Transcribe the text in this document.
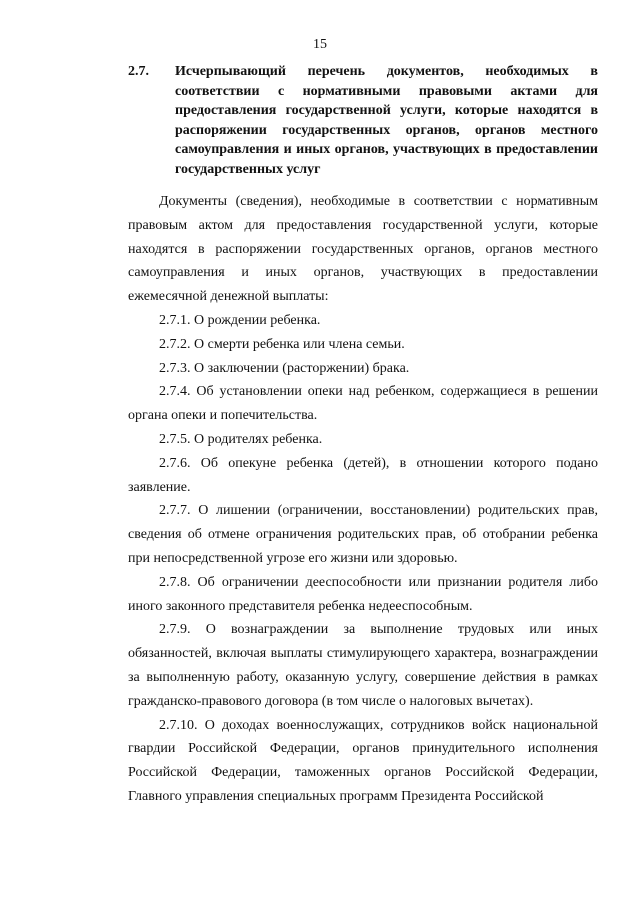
15
2.7. Исчерпывающий перечень документов, необходимых в соответствии с нормативными правовыми актами для предоставления государственной услуги, которые находятся в распоряжении государственных органов, органов местного самоуправления и иных органов, участвующих в предоставлении государственных услуг

Документы (сведения), необходимые в соответствии с нормативным правовым актом для предоставления государственной услуги, которые находятся в распоряжении государственных органов, органов местного самоуправления и иных органов, участвующих в предоставлении ежемесячной денежной выплаты:

2.7.1. О рождении ребенка.

2.7.2. О смерти ребенка или члена семьи.

2.7.3. О заключении (расторжении) брака.

2.7.4. Об установлении опеки над ребенком, содержащиеся в решении органа опеки и попечительства.

2.7.5. О родителях ребенка.

2.7.6. Об опекуне ребенка (детей), в отношении которого подано заявление.

2.7.7. О лишении (ограничении, восстановлении) родительских прав, сведения об отмене ограничения родительских прав, об отобрании ребенка при непосредственной угрозе его жизни или здоровью.

2.7.8. Об ограничении дееспособности или признании родителя либо иного законного представителя ребенка недееспособным.

2.7.9. О вознаграждении за выполнение трудовых или иных обязанностей, включая выплаты стимулирующего характера, вознаграждении за выполненную работу, оказанную услугу, совершение действия в рамках гражданско-правового договора (в том числе о налоговых вычетах).

2.7.10. О доходах военнослужащих, сотрудников войск национальной гвардии Российской Федерации, органов принудительного исполнения Российской Федерации, таможенных органов Российской Федерации, Главного управления специальных программ Президента Российской
